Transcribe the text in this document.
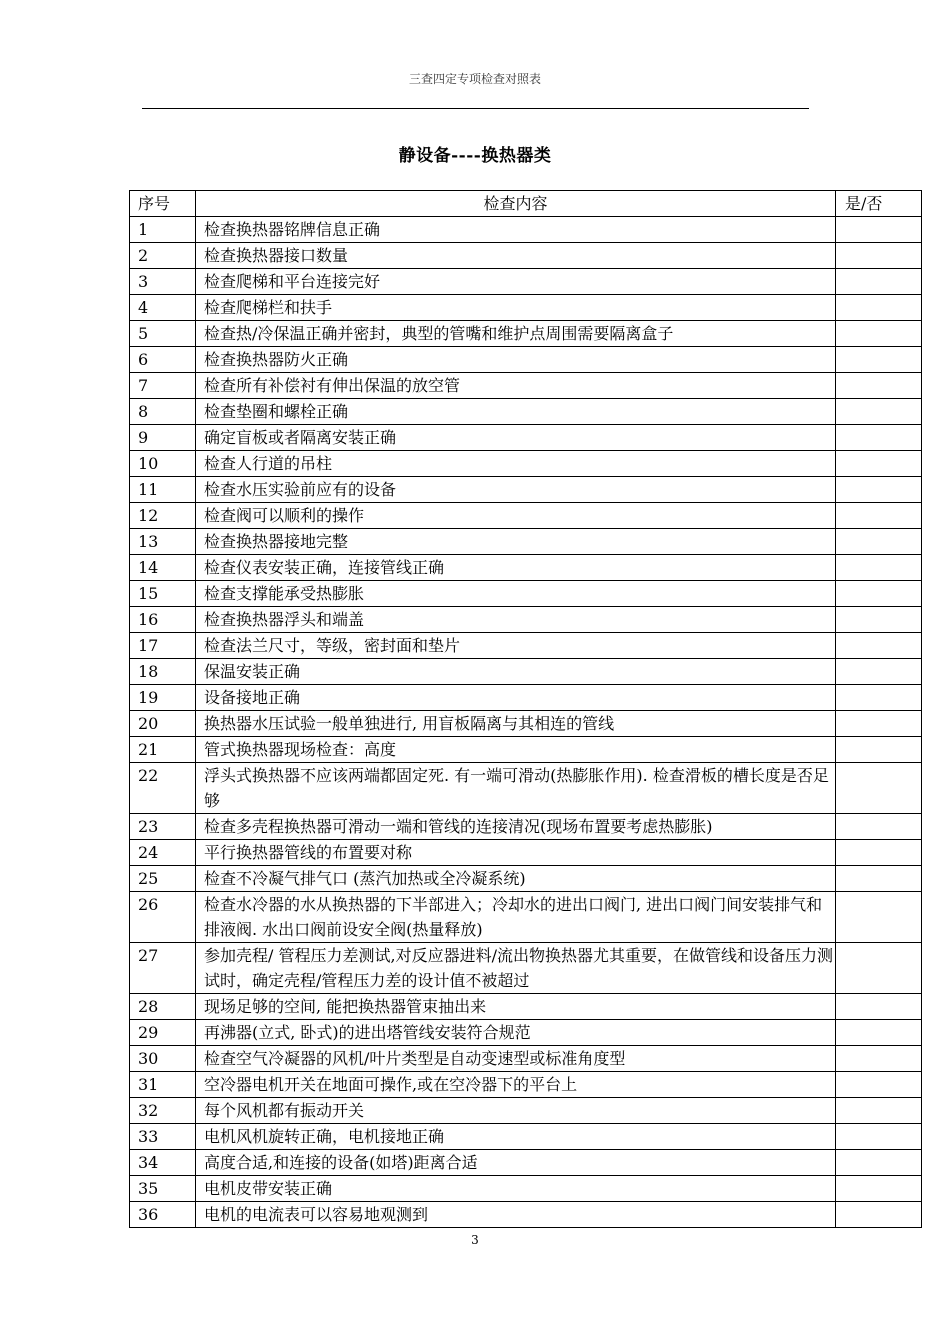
三查四定专项检查对照表
静设备----换热器类
序号	检查内容	是/否
1	检查换热器铭牌信息正确	
2	检查换热器接口数量	
3	检查爬梯和平台连接完好	
4	检查爬梯栏和扶手	
5	检查热/冷保温正确并密封，典型的管嘴和维护点周围需要隔离盒子	
6	检查换热器防火正确	
7	检查所有补偿衬有伸出保温的放空管	
8	检查垫圈和螺栓正确	
9	确定盲板或者隔离安装正确	
10	检查人行道的吊柱	
11	检查水压实验前应有的设备	
12	检查阀可以顺利的操作	
13	检查换热器接地完整	
14	检查仪表安装正确，连接管线正确	
15	检查支撑能承受热膨胀	
16	检查换热器浮头和端盖	
17	检查法兰尺寸，等级，密封面和垫片	
18	保温安装正确	
19	设备接地正确	
20	换热器水压试验一般单独进行, 用盲板隔离与其相连的管线	
21	管式换热器现场检查：高度	
22	浮头式换热器不应该两端都固定死. 有一端可滑动(热膨胀作用). 检查滑板的槽长度是否足够	
23	检查多壳程换热器可滑动一端和管线的连接清况(现场布置要考虑热膨胀)	
24	平行换热器管线的布置要对称	
25	检查不冷凝气排气口 (蒸汽加热或全冷凝系统)	
26	检查水冷器的水从换热器的下半部进入；冷却水的进出口阀门, 进出口阀门间安装排气和排液阀. 水出口阀前设安全阀(热量释放)	
27	参加壳程/ 管程压力差测试,对反应器进料/流出物换热器尤其重要，在做管线和设备压力测试时，确定壳程/管程压力差的设计值不被超过	
28	现场足够的空间, 能把换热器管束抽出来	
29	再沸器(立式, 卧式)的进出塔管线安装符合规范	
30	检查空气冷凝器的风机/叶片类型是自动变速型或标准角度型	
31	空冷器电机开关在地面可操作,或在空冷器下的平台上	
32	每个风机都有振动开关	
33	电机风机旋转正确，电机接地正确	
34	高度合适,和连接的设备(如塔)距离合适	
35	电机皮带安装正确	
36	电机的电流表可以容易地观测到	
3
